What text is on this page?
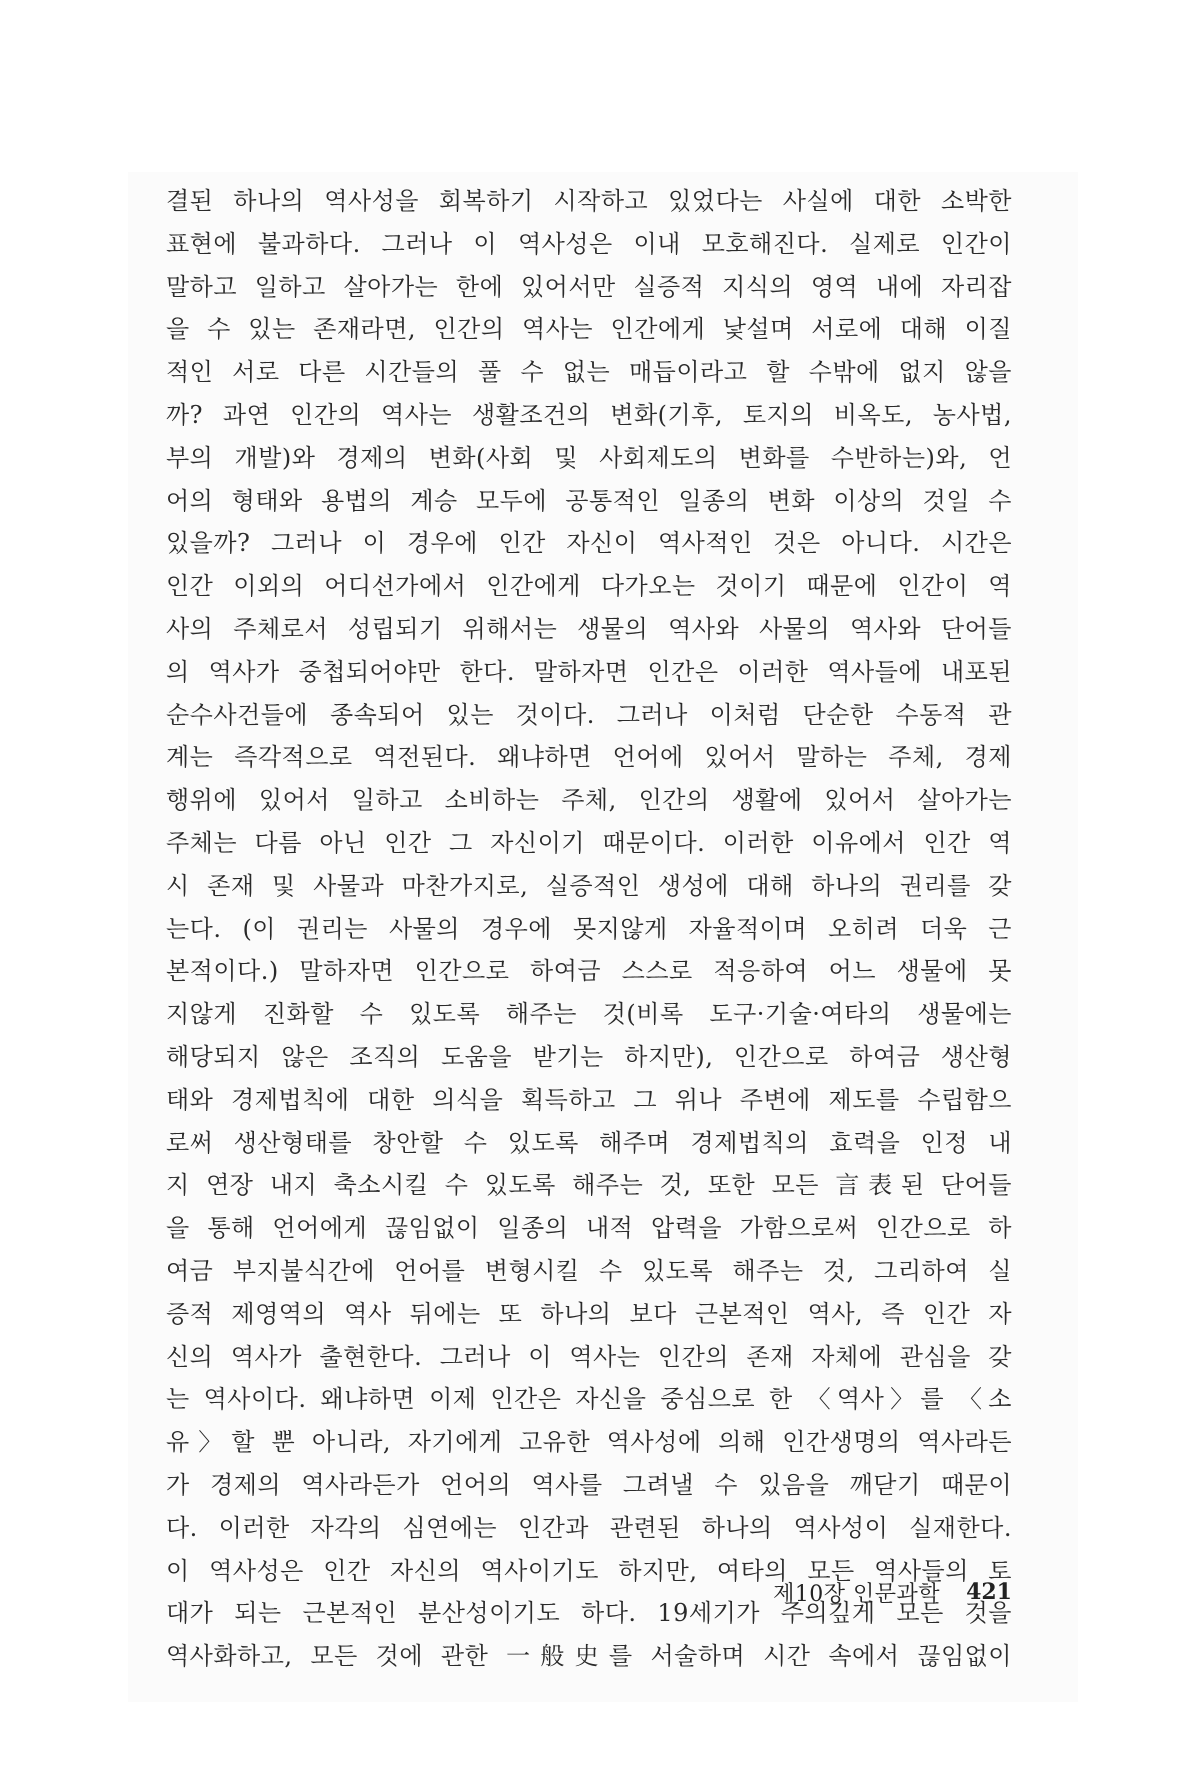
결된 하나의 역사성을 회복하기 시작하고 있었다는 사실에 대한 소박한
표현에 불과하다. 그러나 이 역사성은 이내 모호해진다. 실제로 인간이
말하고 일하고 살아가는 한에 있어서만 실증적 지식의 영역 내에 자리잡
을 수 있는 존재라면, 인간의 역사는 인간에게 낯설며 서로에 대해 이질
적인 서로 다른 시간들의 풀 수 없는 매듭이라고 할 수밖에 없지 않을
까? 과연 인간의 역사는 생활조건의 변화(기후, 토지의 비옥도, 농사법,
부의 개발)와 경제의 변화(사회 및 사회제도의 변화를 수반하는)와, 언
어의 형태와 용법의 계승 모두에 공통적인 일종의 변화 이상의 것일 수
있을까? 그러나 이 경우에 인간 자신이 역사적인 것은 아니다. 시간은
인간 이외의 어디선가에서 인간에게 다가오는 것이기 때문에 인간이 역
사의 주체로서 성립되기 위해서는 생물의 역사와 사물의 역사와 단어들
의 역사가 중첩되어야만 한다. 말하자면 인간은 이러한 역사들에 내포된
순수사건들에 종속되어 있는 것이다. 그러나 이처럼 단순한 수동적 관
계는 즉각적으로 역전된다. 왜냐하면 언어에 있어서 말하는 주체, 경제
행위에 있어서 일하고 소비하는 주체, 인간의 생활에 있어서 살아가는
주체는 다름 아닌 인간 그 자신이기 때문이다. 이러한 이유에서 인간 역
시 존재 및 사물과 마찬가지로, 실증적인 생성에 대해 하나의 권리를 갖
는다. (이 권리는 사물의 경우에 못지않게 자율적이며 오히려 더욱 근
본적이다.) 말하자면 인간으로 하여금 스스로 적응하여 어느 생물에 못
지않게 진화할 수 있도록 해주는 것(비록 도구·기술·여타의 생물에는
해당되지 않은 조직의 도움을 받기는 하지만), 인간으로 하여금 생산형
태와 경제법칙에 대한 의식을 획득하고 그 위나 주변에 제도를 수립함으
로써 생산형태를 창안할 수 있도록 해주며 경제법칙의 효력을 인정 내
지 연장 내지 축소시킬 수 있도록 해주는 것, 또한 모든 言表된 단어들
을 통해 언어에게 끊임없이 일종의 내적 압력을 가함으로써 인간으로 하
여금 부지불식간에 언어를 변형시킬 수 있도록 해주는 것, 그리하여 실
증적 제영역의 역사 뒤에는 또 하나의 보다 근본적인 역사, 즉 인간 자
신의 역사가 출현한다. 그러나 이 역사는 인간의 존재 자체에 관심을 갖
는 역사이다. 왜냐하면 이제 인간은 자신을 중심으로 한 〈역사〉를 〈소
유〉할 뿐 아니라, 자기에게 고유한 역사성에 의해 인간생명의 역사라든
가 경제의 역사라든가 언어의 역사를 그려낼 수 있음을 깨닫기 때문이
다. 이러한 자각의 심연에는 인간과 관련된 하나의 역사성이 실재한다.
이 역사성은 인간 자신의 역사이기도 하지만, 여타의 모든 역사들의 토
대가 되는 근본적인 분산성이기도 하다. 19세기가 주의깊게 모든 것을
역사화하고, 모든 것에 관한 一般史를 서술하며 시간 속에서 끊임없이
제10장 인문과학 421
